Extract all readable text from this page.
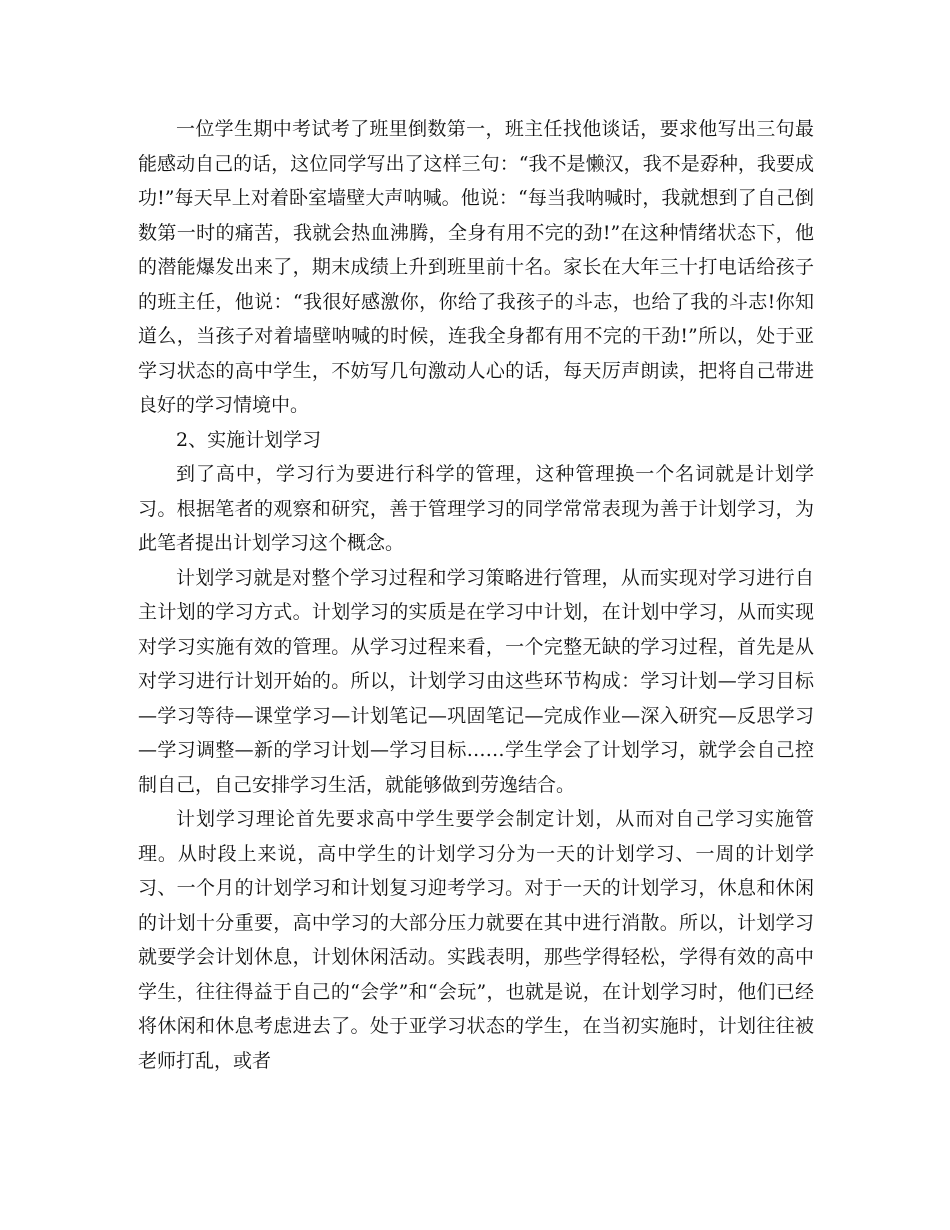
一位学生期中考试考了班里倒数第一，班主任找他谈话，要求他写出三句最能感动自己的话，这位同学写出了这样三句：“我不是懒汉，我不是孬种，我要成功!”每天早上对着卧室墙壁大声呐喊。他说：“每当我呐喊时，我就想到了自己倒数第一时的痛苦，我就会热血沸腾，全身有用不完的劲!”在这种情绪状态下，他的潜能爆发出来了，期末成绩上升到班里前十名。家长在大年三十打电话给孩子的班主任，他说：“我很好感激你，你给了我孩子的斗志，也给了我的斗志!你知道么，当孩子对着墙壁呐喊的时候，连我全身都有用不完的干劲!”所以，处于亚学习状态的高中学生，不妨写几句激动人心的话，每天厉声朗读，把将自己带进良好的学习情境中。

2、实施计划学习

到了高中，学习行为要进行科学的管理，这种管理换一个名词就是计划学习。根据笔者的观察和研究，善于管理学习的同学常常表现为善于计划学习，为此笔者提出计划学习这个概念。

计划学习就是对整个学习过程和学习策略进行管理，从而实现对学习进行自主计划的学习方式。计划学习的实质是在学习中计划，在计划中学习，从而实现对学习实施有效的管理。从学习过程来看，一个完整无缺的学习过程，首先是从对学习进行计划开始的。所以，计划学习由这些环节构成：学习计划—学习目标—学习等待—课堂学习—计划笔记—巩固笔记—完成作业—深入研究—反思学习—学习调整—新的学习计划—学习目标……学生学会了计划学习，就学会自己控制自己，自己安排学习生活，就能够做到劳逸结合。

计划学习理论首先要求高中学生要学会制定计划，从而对自己学习实施管理。从时段上来说，高中学生的计划学习分为一天的计划学习、一周的计划学习、一个月的计划学习和计划复习迎考学习。对于一天的计划学习，休息和休闲的计划十分重要，高中学习的大部分压力就要在其中进行消散。所以，计划学习就要学会计划休息，计划休闲活动。实践表明，那些学得轻松，学得有效的高中学生，往往得益于自己的“会学”和“会玩”，也就是说，在计划学习时，他们已经将休闲和休息考虑进去了。处于亚学习状态的学生，在当初实施时，计划往往被老师打乱，或者
